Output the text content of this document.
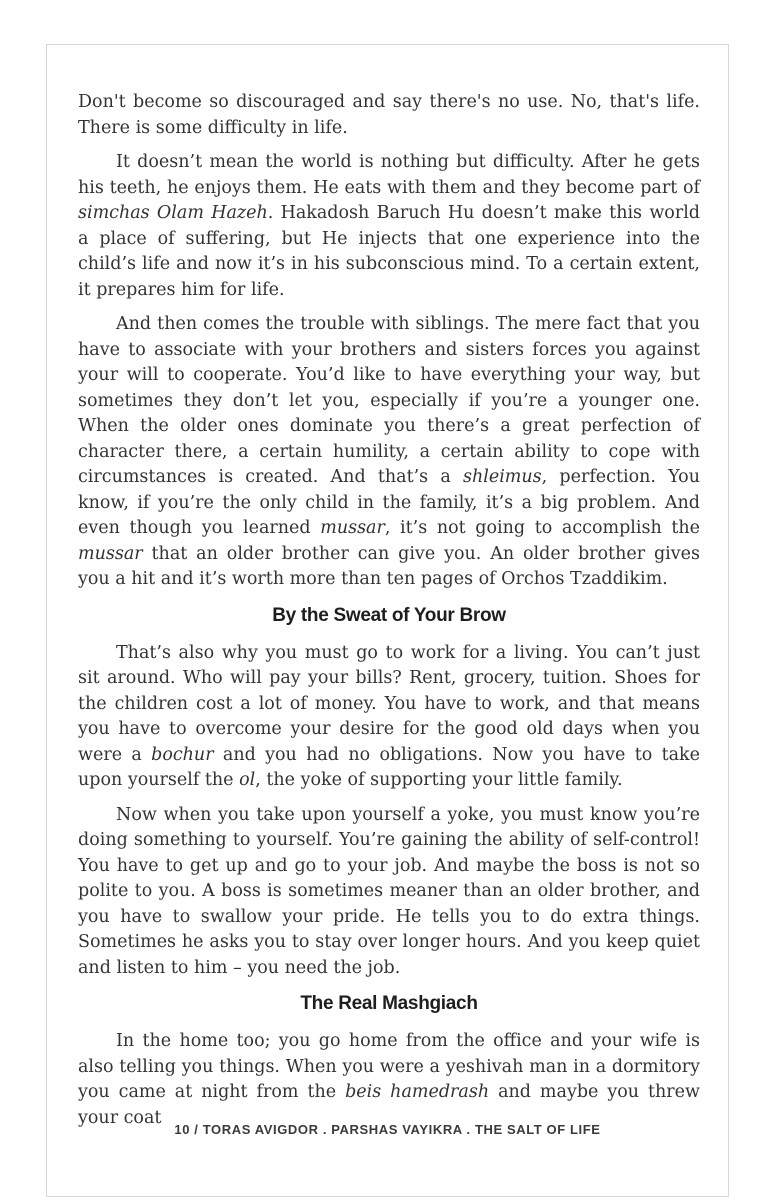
Don't become so discouraged and say there's no use. No, that's life. There is some difficulty in life.

It doesn’t mean the world is nothing but difficulty. After he gets his teeth, he enjoys them. He eats with them and they become part of simchas Olam Hazeh. Hakadosh Baruch Hu doesn’t make this world a place of suffering, but He injects that one experience into the child’s life and now it’s in his subconscious mind. To a certain extent, it prepares him for life.

And then comes the trouble with siblings. The mere fact that you have to associate with your brothers and sisters forces you against your will to cooperate. You’d like to have everything your way, but sometimes they don’t let you, especially if you’re a younger one. When the older ones dominate you there’s a great perfection of character there, a certain humility, a certain ability to cope with circumstances is created. And that’s a shleimus, perfection. You know, if you’re the only child in the family, it’s a big problem. And even though you learned mussar, it’s not going to accomplish the mussar that an older brother can give you. An older brother gives you a hit and it’s worth more than ten pages of Orchos Tzaddikim.

By the Sweat of Your Brow

That’s also why you must go to work for a living. You can’t just sit around. Who will pay your bills? Rent, grocery, tuition. Shoes for the children cost a lot of money. You have to work, and that means you have to overcome your desire for the good old days when you were a bochur and you had no obligations. Now you have to take upon yourself the ol, the yoke of supporting your little family.

Now when you take upon yourself a yoke, you must know you’re doing something to yourself. You’re gaining the ability of self-control! You have to get up and go to your job. And maybe the boss is not so polite to you. A boss is sometimes meaner than an older brother, and you have to swallow your pride. He tells you to do extra things. Sometimes he asks you to stay over longer hours. And you keep quiet and listen to him – you need the job.

The Real Mashgiach

In the home too; you go home from the office and your wife is also telling you things. When you were a yeshivah man in a dormitory you came at night from the beis hamedrash and maybe you threw your coat

10 / TORAS AVIGDOR . PARSHAS VAYIKRA . THE SALT OF LIFE
